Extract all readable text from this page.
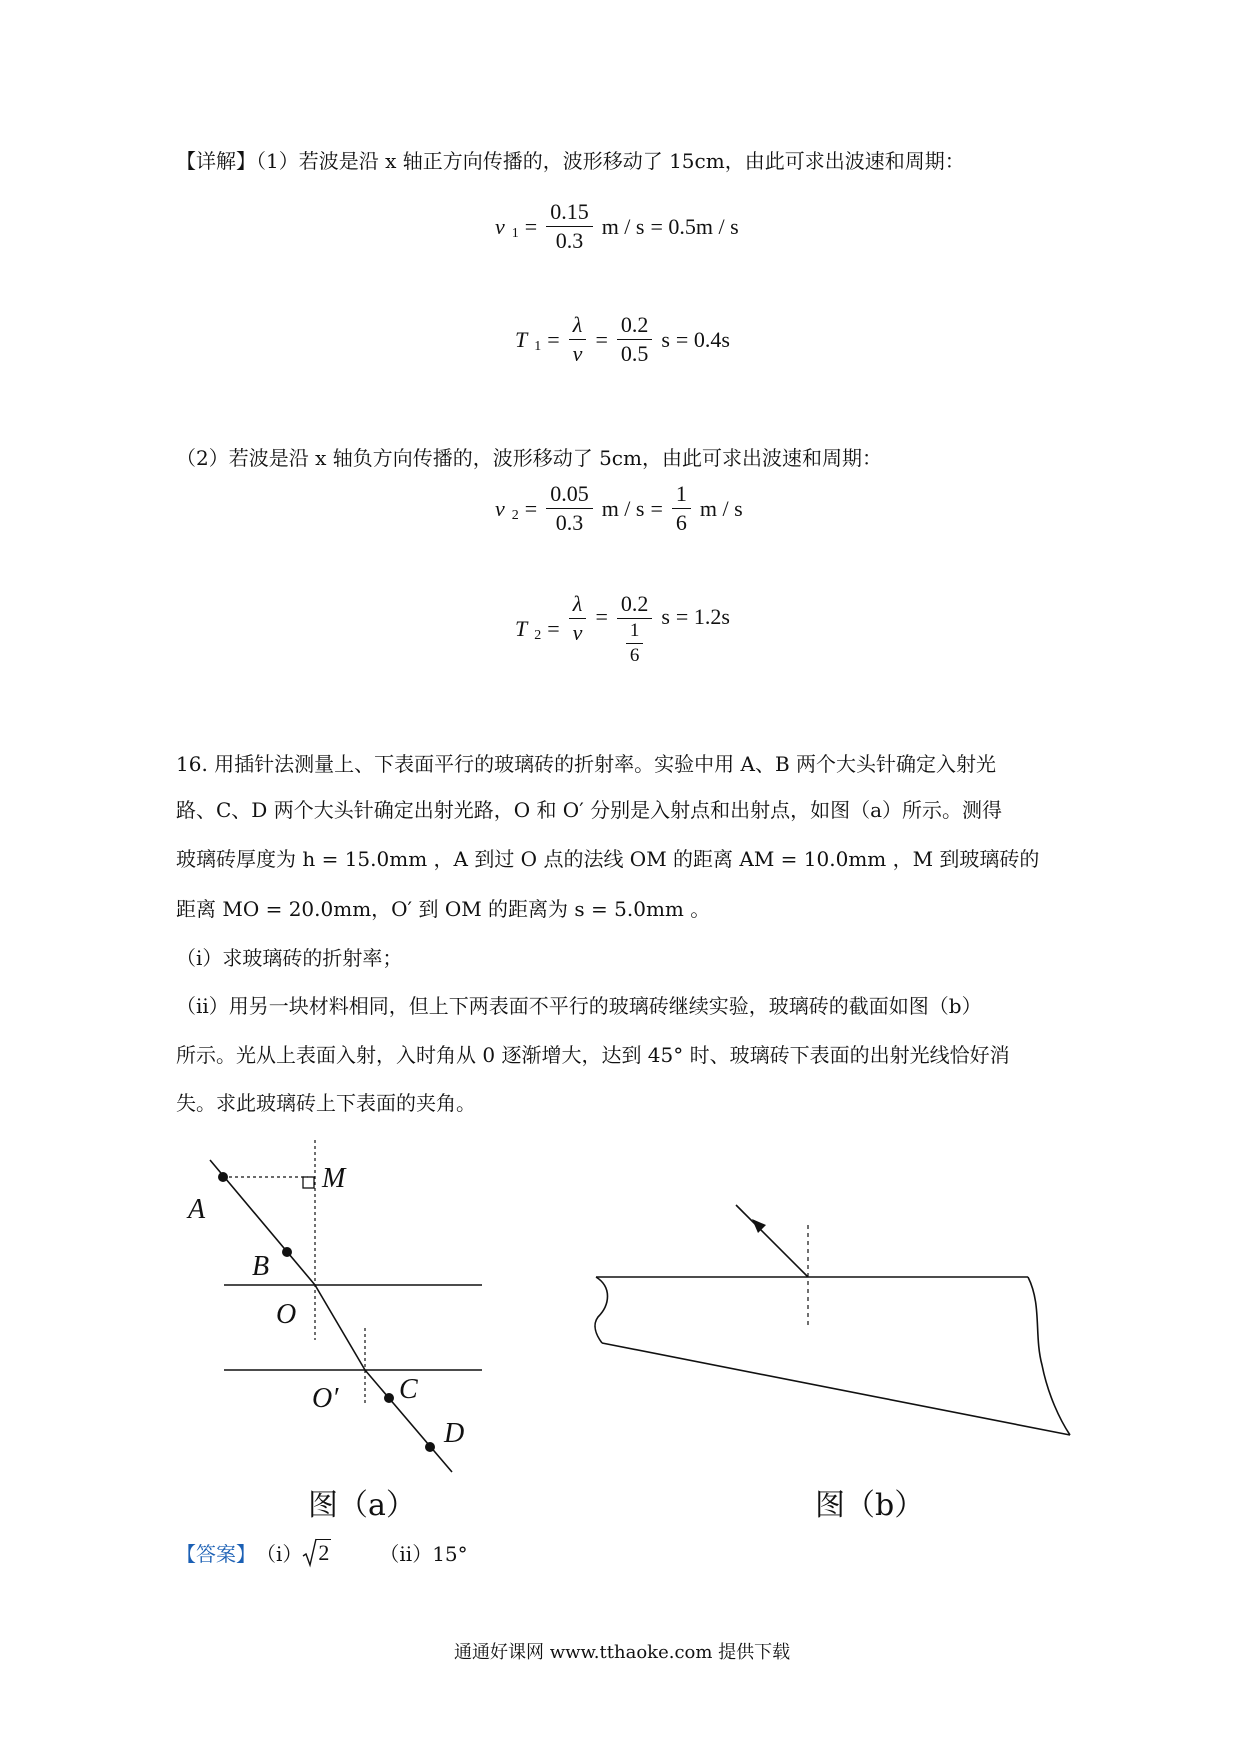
【详解】（1）若波是沿 x 轴正方向传播的，波形移动了 15cm，由此可求出波速和周期：
v $1 = \frac{0.15}{0.3}$ m / s = 0.5m / s
T $1 = \frac{\lambda}{v} = \frac{0.2}{0.5}$ s = 0.4s
（2）若波是沿 x 轴负方向传播的，波形移动了 5cm，由此可求出波速和周期：
v $2 = \frac{0.05}{0.3}$ $m / s = \frac{1}{6}$ m / s
T $2 = \frac{\lambda}{v} = \frac{0.2}{\frac{1}{6}}$ s = 1.2s
16. 用插针法测量上、下表面平行的玻璃砖的折射率。实验中用 A、B 两个大头针确定入射光
路、C、D 两个大头针确定出射光路，O 和 O′ 分别是入射点和出射点，如图（a）所示。测得
玻璃砖厚度为 h = 15.0mm ，A 到过 O 点的法线 OM 的距离 AM = 10.0mm ，M 到玻璃砖的
距离 MO = 20.0mm，O′ 到 OM 的距离为 s = 5.0mm 。
（i）求玻璃砖的折射率；
（ii）用另一块材料相同，但上下两表面不平行的玻璃砖继续实验，玻璃砖的截面如图（b）
所示。光从上表面入射，入时角从 0 逐渐增大，达到 45° 时、玻璃砖下表面的出射光线恰好消
失。求此玻璃砖上下表面的夹角。
A
M
B
O
O′ C
D
图（a）	图（b）
【答案】 （i） 2	（ii）15°
通通好课网 www.tthaoke.com 提供下载
